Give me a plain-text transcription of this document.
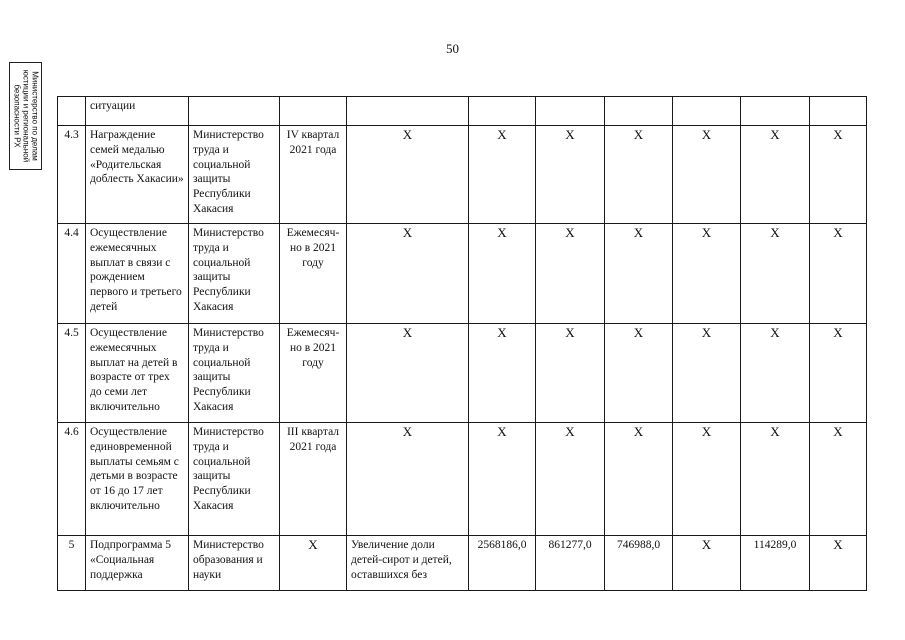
50
Министерство по делам юстиции и региональной безопасности РХ
		ситуации									
4.3	Награждение семей медалью «Родительская доблесть Хакасии»	Министерство труда и социальной защиты Республики Хакасия	IV квартал 2021 года	Х	Х	Х	Х	Х	Х	Х
4.4	Осуществление ежемесячных выплат в связи с рождением первого и третьего детей	Министерство труда и социальной защиты Республики Хакасия	Ежемесяч-но в 2021 году	Х	Х	Х	Х	Х	Х	Х
4.5	Осуществление ежемесячных выплат на детей в возрасте от трех до семи лет включительно	Министерство труда и социальной защиты Республики Хакасия	Ежемесяч-но в 2021 году	Х	Х	Х	Х	Х	Х	Х
4.6	Осуществление единовременной выплаты семьям с детьми в возрасте от 16 до 17 лет включительно	Министерство труда и социальной защиты Республики Хакасия	III квартал 2021 года	Х	Х	Х	Х	Х	Х	Х
5	Подпрограмма 5 «Социальная поддержка	Министерство образования и науки	Х	Увеличение доли детей-сирот и детей, оставшихся без	2568186,0	861277,0	746988,0	Х	114289,0	Х
